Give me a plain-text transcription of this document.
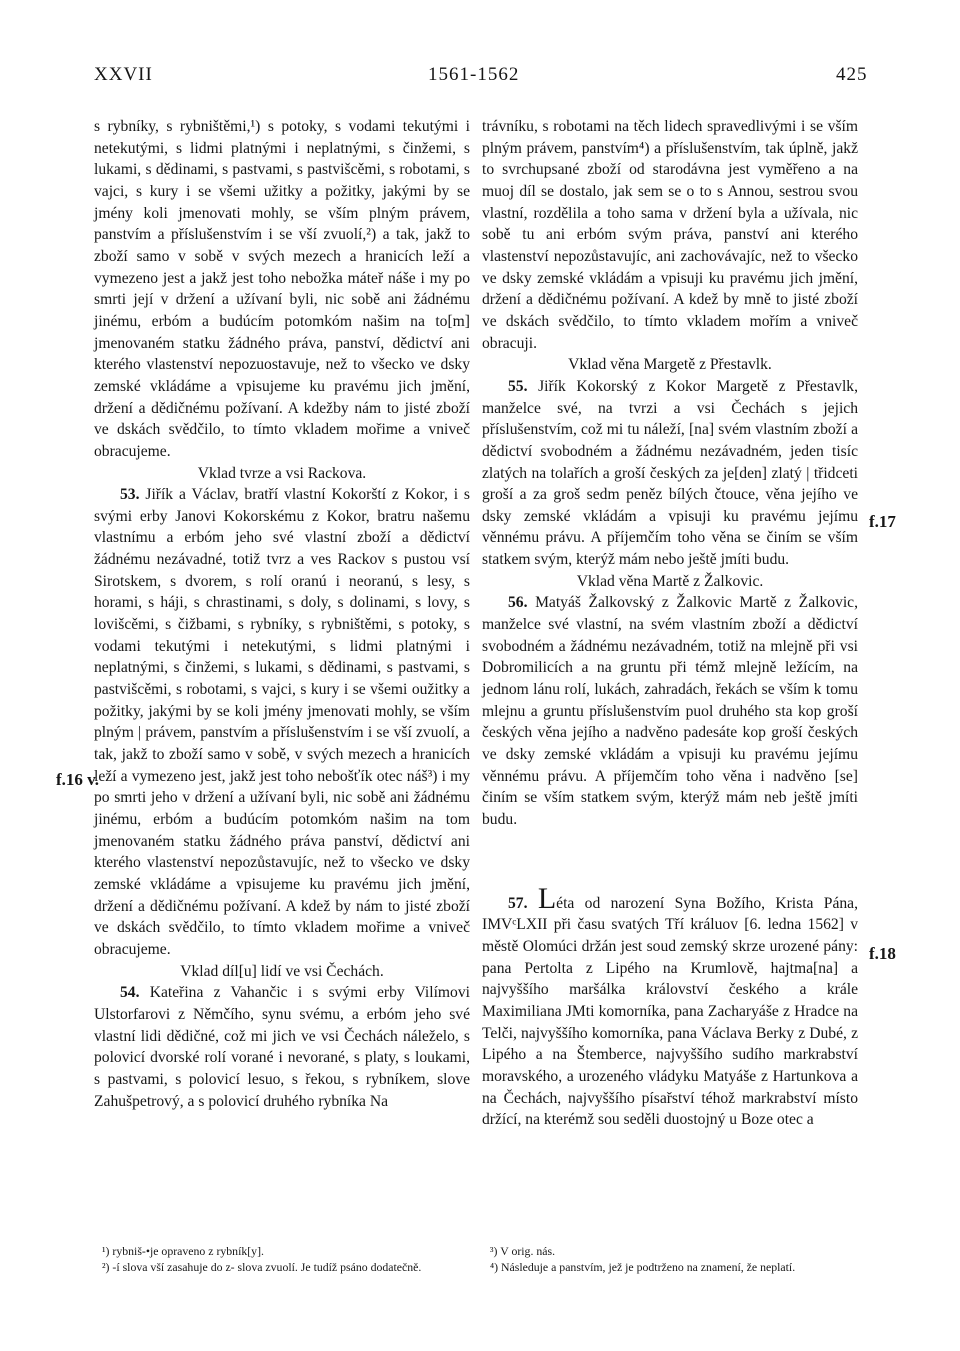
XXVII	1561-1562	425

s rybníky, s rybništěmi,¹) s potoky, s vodami tekutými i netekutými, s lidmi platnými i neplatnými, s činžemi, s lukami, s dědinami, s pastvami, s pastvišcěmi, s robotami, s vajci, s kury i se všemi užitky a požitky, jakými by se jmény koli jmenovati mohly, se vším plným právem, panstvím a příslušenstvím i se vší zvuolí,²) a tak, jakž to zboží samo v sobě v svých mezech a hranicích leží a vymezeno jest a jakž jest toho nebožka máteř náše i my po smrti její v držení a užívaní byli, nic sobě ani žádnému jinému, erbóm a budúcím potomkóm našim na to[m] jmenovaném statku žádného práva, panství, dědictví ani kterého vlastenství nepozuostavuje, než to všecko ve dsky zemské vkládáme a vpisujeme ku pravému jich jmění, držení a dědičnému požívaní. A kdežby nám to jisté zboží ve dskách svědčilo, to tímto vkladem mořime a vniveč obracujeme.

Vklad tvrze a vsi Rackova.

53. Jiřík a Václav, bratří vlastní Kokorští z Kokor, i s svými erby Janovi Kokorskému z Kokor, bratru našemu vlastnímu a erbóm jeho své vlastní zboží a dědictví žádnému nezávadné, totiž tvrz a ves Rackov s pustou vsí Sirotskem, s dvorem, s rolí oranú i neoranú, s lesy, s horami, s háji, s chrastinami, s doly, s dolinami, s lovy, s lovišcěmi, s čižbami, s rybníky, s rybništěmi, s potoky, s vodami tekutými i netekutými, s lidmi platnými i neplatnými, s činžemi, s lukami, s dědinami, s pastvami, s pastvišcěmi, s robotami, s vajci, s kury i se všemi oužitky a požitky, jakými by se koli jmény jmenovati mohly, se vším plným | právem, panstvím a příslušenstvím i se vší zvuolí, a tak, jakž to zboží samo v sobě, v svých mezech a hranicích leží a vymezeno jest, jakž jest toho nebošťík otec náš³) i my po smrti jeho v držení a užívaní byli, nic sobě ani žádnému jinému, erbóm a budúcím potomkóm našim na tom jmenovaném statku žádného práva panství, dědictví ani kterého vlastenství nepozůstavujíc, než to všecko ve dsky zemské vkládáme a vpisujeme ku pravému jich jmění, držení a dědičnému požívaní. A kdež by nám to jisté zboží ve dskách svědčilo, to tímto vkladem mořime a vniveč obracujeme.

Vklad díl[u] lidí ve vsi Čechách.

54. Kateřina z Vahančic i s svými erby Vilímovi Ulstorfarovi z Němčího, synu svému, a erbóm jeho své vlastní lidi dědičné, což mi jich ve vsi Čechách náleželo, s polovicí dvorské rolí vorané i nevorané, s platy, s loukami, s pastvami, s polovicí lesuo, s řekou, s rybníkem, slove Zahušpetrový, a s polovicí druhého rybníka Na

trávníku, s robotami na těch lidech spravedlivými i se vším plným právem, panstvím⁴) a příslušenstvím, tak úplně, jakž to svrchupsané zboží od starodávna jest vyměřeno a na muoj díl se dostalo, jak sem se o to s Annou, sestrou svou vlastní, rozdělila a toho sama v držení byla a užívala, nic sobě tu ani erbóm svým práva, panství ani kterého vlastenství nepozůstavujíc, ani zachovávajíc, než to všecko ve dsky zemské vkládám a vpisuji ku pravému jich jmění, držení a dědičnému požívaní. A kdež by mně to jisté zboží ve dskách svědčilo, to tímto vkladem mořím a vniveč obracuji.

Vklad věna Margetě z Přestavlk.

55. Jiřík Kokorský z Kokor Margetě z Přestavlk, manželce své, na tvrzi a vsi Čechách s jejich příslušenstvím, což mi tu náleží, [na] svém vlastním zboží a dědictví svobodném a žádnému nezávadném, jeden tisíc zlatých na tolařích a groší českých za je[den] zlatý | třidceti groší a za groš sedm peněz bílých čtouce, věna jejího ve dsky zemské vkládám a vpisuji ku pravému jejímu věnnému právu. A příjemčím toho věna se činím se vším statkem svým, kterýž mám nebo ještě jmíti budu.

Vklad věna Martě z Žalkovic.

56. Matyáš Žalkovský z Žalkovic Martě z Žalkovic, manželce své vlastní, na svém vlastním zboží a dědictví svobodném a žádnému nezávadném, totiž na mlejně při vsi Dobromilicích a na gruntu při témž mlejně ležícím, na jednom lánu rolí, lukách, zahradách, řekách se vším k tomu mlejnu a gruntu příslušenstvím puol druhého sta kop groší českých věna jejího a nadvěno padesáte kop groší českých ve dsky zemské vkládám a vpisuji ku pravému jejímu věnnému právu. A příjemčím toho věna i nadvěno [se] činím se vším statkem svým, kterýž mám neb ještě jmíti budu.

57. Léta od narození Syna Božího, Krista Pána, IMVᶜLXII při času svatých Tří králuov [6. ledna 1562] v městě Olomúci držán jest soud zemský skrze urozené pány: pana Pertolta z Lipého na Krumlově, hajtma[na] a najvyššího maršálka království českého a krále Maximiliana JMti komorníka, pana Zacharyáše z Hradce na Telči, najvyššího komorníka, pana Václava Berky z Dubé, z Lipého a na Štemberce, najvyššího sudího markrabství moravského, a urozeného vládyku Matyáše z Hartunkova a na Čechách, najvyššího písařství téhož markrabství místo držící, na kterémž sou seděli duostojný u Boze otec a

f.17
f.16 v.
f.18

¹) rybniš-•je opraveno z rybník[y].

²) -í slova vší zasahuje do z- slova zvuolí. Je tudíž psáno dodatečně.

³) V orig. nás.

⁴) Následuje a panstvím, jež je podtrženo na znamení, že neplatí.
